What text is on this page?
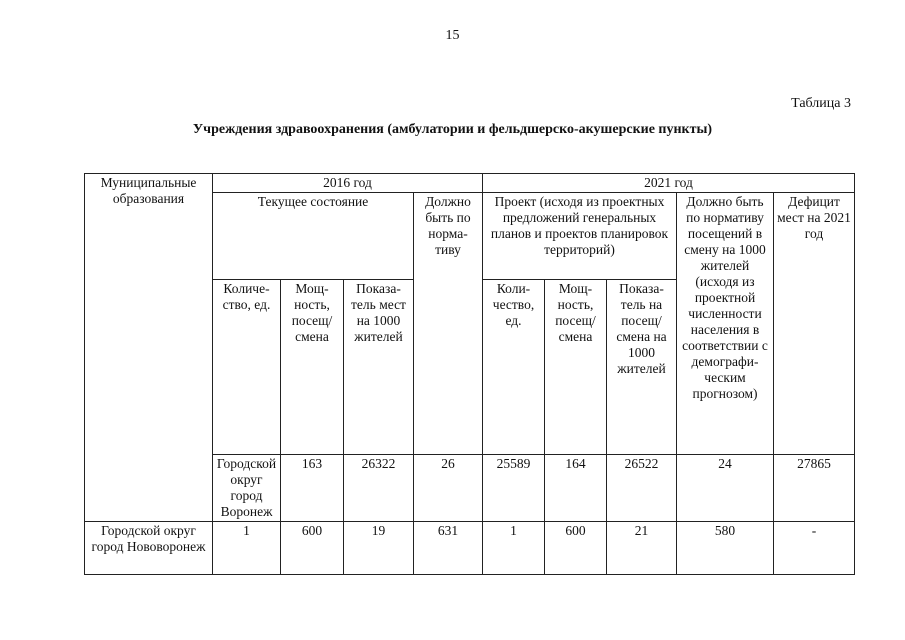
15
Таблица 3
Учреждения здравоохранения (амбулатории и фельдшерско-акушерские пункты)
Муниципальные образования	2016 год				2021 год					
	Текущее состояние			Должно быть по норма-тиву	Проект (исходя из проектных предложений генеральных планов и проектов планировок территорий)			Должно быть по нормативу посещений в смену на 1000 жителей (исходя из проектной численности населения в соответствии с демографи-ческим прогнозом)	Дефицит мест на 2021 год	
	Количе-ство, ед.	Мощ-ность, посещ/ смена	Показа-тель мест на 1000 жителей		Коли-чество, ед.	Мощ-ность, посещ/ смена	Показа-тель на посещ/ смена на 1000 жителей			
	Городской округ город Воронеж	163	26322	26	25589	164	26522	24	27865	
Городской округ город Нововоронеж	1	600	19	631	1	600	21	580	-	
